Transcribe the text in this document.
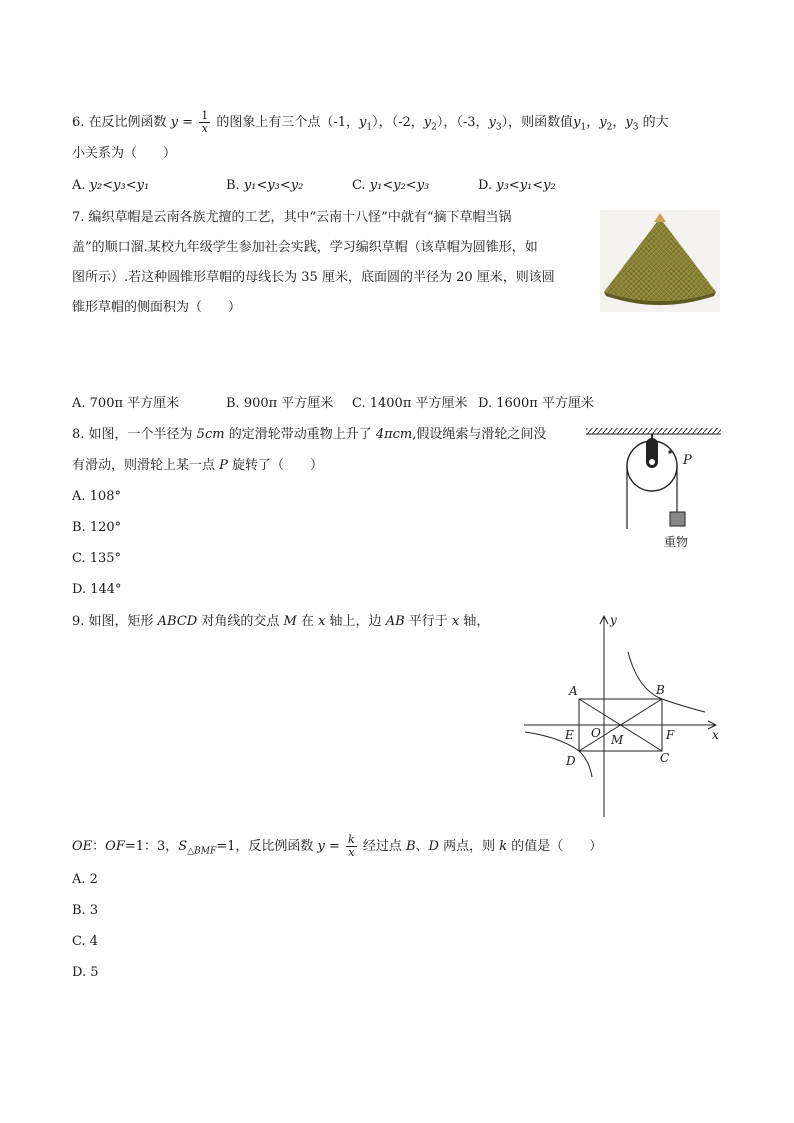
6. 在反比例函数 $y = \frac{1}{x}$ 的图象上有三个点（-1，$y_1$），（-2，$y_2$），（-3，$y_3$），则函数值$y_1$，$y_2$，$y_3$ 的大
小关系为（　　）
A. y₂<y₃<y₁	B. y₁<y₃<y₂	C. y₁<y₂<y₃	D. y₃<y₁<y₂
7. 编织草帽是云南各族尤擅的工艺，其中“云南十八怪”中就有“摘下草帽当锅
盖”的顺口溜.某校九年级学生参加社会实践，学习编织草帽（该草帽为圆锥形，如
图所示）.若这种圆锥形草帽的母线长为 35 厘米，底面圆的半径为 20 厘米，则该圆
锥形草帽的侧面积为（　　）
A. 700π 平方厘米	B. 900π 平方厘米 C. 1400π 平方厘米 D. 1600π 平方厘米
8. 如图，一个半径为 5cm 的定滑轮带动重物上升了 4πcm,假设绳索与滑轮之间没
有滑动，则滑轮上某一点 P 旋转了（　　）
A. 108°
B. 120°
C. 135°
D. 144°
P
重物
9. 如图，矩形 ABCD 对角线的交点 M 在 x 轴上，边 AB 平行于 x 轴，	y
x
A	B
C
D
E	F
O M
OE：OF=1：3，$S_{\triangle BMF}=1$，反比例函数 $y = \frac{k}{x}$ 经过点 B、D 两点，则 k 的值是（　　）
A. 2
B. 3
C. 4
D. 5
